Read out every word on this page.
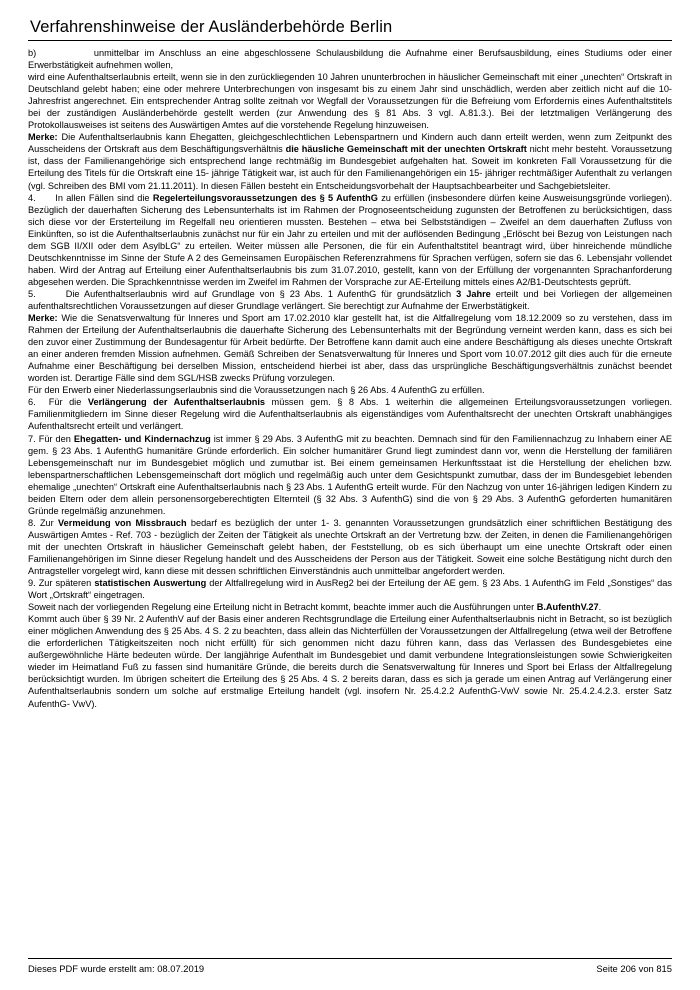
Verfahrenshinweise der Ausländerbehörde Berlin
b)           unmittelbar im Anschluss an eine abgeschlossene Schulausbildung die Aufnahme einer Berufsausbildung, eines Studiums oder einer Erwerbstätigkeit aufnehmen wollen,
wird eine Aufenthaltserlaubnis erteilt, wenn sie in den zurückliegenden 10 Jahren ununterbrochen in häuslicher Gemeinschaft mit einer „unechten“ Ortskraft in Deutschland gelebt haben; eine oder mehrere Unterbrechungen von insgesamt bis zu einem Jahr sind unschädlich, werden aber zeitlich nicht auf die 10- Jahresfrist angerechnet. Ein entsprechender Antrag sollte zeitnah vor Wegfall der Voraussetzungen für die Befreiung vom Erfordernis eines Aufenthaltstitels bei der zuständigen Ausländerbehörde gestellt werden (zur Anwendung des § 81 Abs. 3 vgl. A.81.3.). Bei der letztmaligen Verlängerung des Protokollausweises ist seitens des Auswärtigen Amtes auf die vorstehende Regelung hinzuweisen.
Merke: Die Aufenthaltserlaubnis kann Ehegatten, gleichgeschlechtlichen Lebenspartnern und Kindern auch dann erteilt werden, wenn zum Zeitpunkt des Ausscheidens der Ortskraft aus dem Beschäftigungsverhältnis die häusliche Gemeinschaft mit der unechten Ortskraft nicht mehr besteht. Voraussetzung ist, dass der Familienangehörige sich entsprechend lange rechtmäßig im Bundesgebiet aufgehalten hat. Soweit im konkreten Fall Voraussetzung für die Erteilung des Titels für die Ortskraft eine 15- jährige Tätigkeit war, ist auch für den Familienangehörigen ein 15- jähriger rechtmäßiger Aufenthalt zu verlangen (vgl. Schreiben des BMI vom 21.11.2011). In diesen Fällen besteht ein Entscheidungsvorbehalt der Hauptsachbearbeiter und Sachgebietsleiter.
4.      In allen Fällen sind die Regelerteilungsvoraussetzungen des § 5 AufenthG zu erfüllen (insbesondere dürfen keine Ausweisungsgründe vorliegen). Bezüglich der dauerhaften Sicherung des Lebensunterhalts ist im Rahmen der Prognoseentscheidung zugunsten der Betroffenen zu berücksichtigen, dass sich diese vor der Ersterteilung im Regelfall neu orientieren mussten. Bestehen – etwa bei Selbstständigen – Zweifel an dem dauerhaften Zufluss von Einkünften, so ist die Aufenthaltserlaubnis zunächst nur für ein Jahr zu erteilen und mit der auflösenden Bedingung „Erlöscht bei Bezug von Leistungen nach dem SGB II/XII oder dem AsylbLG“ zu erteilen. Weiter müssen alle Personen, die für ein Aufenthaltstitel beantragt wird, über hinreichende mündliche Deutschkenntnisse im Sinne der Stufe A 2 des Gemeinsamen Europäischen Referenzrahmens für Sprachen verfügen, sofern sie das 6. Lebensjahr vollendet haben. Wird der Antrag auf Erteilung einer Aufenthaltserlaubnis bis zum 31.07.2010, gestellt, kann von der Erfüllung der vorgenannten Sprachanforderung abgesehen werden. Die Sprachkenntnisse werden im Zweifel im Rahmen der Vorsprache zur AE-Erteilung mittels eines A2/B1-Deutschtests geprüft.
5.      Die Aufenthaltserlaubnis wird auf Grundlage von § 23 Abs. 1 AufenthG für grundsätzlich 3 Jahre erteilt und bei Vorliegen der allgemeinen aufenthaltsrechtlichen Voraussetzungen auf dieser Grundlage verlängert. Sie berechtigt zur Aufnahme der Erwerbstätigkeit.
Merke: Wie die Senatsverwaltung für Inneres und Sport am 17.02.2010 klar gestellt hat, ist die Altfallregelung vom 18.12.2009 so zu verstehen, dass im Rahmen der Erteilung der Aufenthaltserlaubnis die dauerhafte Sicherung des Lebensunterhalts mit der Begründung verneint werden kann, dass es sich bei den zuvor einer Zustimmung der Bundesagentur für Arbeit bedürfte. Der Betroffene kann damit auch eine andere Beschäftigung als dieses unechte Ortskraft an einer anderen fremden Mission aufnehmen. Gemäß Schreiben der Senatsverwaltung für Inneres und Sport vom 10.07.2012 gilt dies auch für die erneute Aufnahme einer Beschäftigung bei derselben Mission, entscheidend hierbei ist aber, dass das ursprüngliche Beschäftigungsverhältnis zunächst beendet worden ist. Derartige Fälle sind dem SGL/HSB zwecks Prüfung vorzulegen.
Für den Erwerb einer Niederlassungserlaubnis sind die Voraussetzungen nach § 26 Abs. 4 AufenthG zu erfüllen.
6.  Für die Verlängerung der Aufenthaltserlaubnis müssen gem. § 8 Abs. 1 weiterhin die allgemeinen Erteilungsvoraussetzungen vorliegen. Familienmitgliedern im Sinne dieser Regelung wird die Aufenthaltserlaubnis als eigenständiges vom Aufenthaltsrecht der unechten Ortskraft unabhängiges Aufenthaltsrecht erteilt und verlängert.
7. Für den Ehegatten- und Kindernachzug ist immer § 29 Abs. 3 AufenthG mit zu beachten. Demnach sind für den Familiennachzug zu Inhabern einer AE gem. § 23 Abs. 1 AufenthG humanitäre Gründe erforderlich. Ein solcher humanitärer Grund liegt zumindest dann vor, wenn die Herstellung der familiären Lebensgemeinschaft nur im Bundesgebiet möglich und zumutbar ist. Bei einem gemeinsamen Herkunftsstaat ist die Herstellung der ehelichen bzw. lebenspartnerschaftlichen Lebensgemeinschaft dort möglich und regelmäßig auch unter dem Gesichtspunkt zumutbar, dass der im Bundesgebiet lebenden ehemalige „unechten“ Ortskraft eine Aufenthaltserlaubnis nach § 23 Abs. 1 AufenthG erteilt wurde. Für den Nachzug von unter 16-jährigen ledigen Kindern zu beiden Eltern oder dem allein personensorgeberechtigten Elternteil (§ 32 Abs. 3 AufenthG) sind die von § 29 Abs. 3 AufenthG geforderten humanitären Gründe regelmäßig anzunehmen.
8. Zur Vermeidung von Missbrauch bedarf es bezüglich der unter 1- 3. genannten Voraussetzungen grundsätzlich einer schriftlichen Bestätigung des Auswärtigen Amtes - Ref. 703 - bezüglich der Zeiten der Tätigkeit als unechte Ortskraft an der Vertretung bzw. der Zeiten, in denen die Familienangehörigen mit der unechten Ortskraft in häuslicher Gemeinschaft gelebt haben, der Feststellung, ob es sich überhaupt um eine unechte Ortskraft oder einen Familienangehörigen im Sinne dieser Regelung handelt und des Ausscheidens der Person aus der Tätigkeit. Soweit eine solche Bestätigung nicht durch den Antragsteller vorgelegt wird, kann diese mit dessen schriftlichen Einverständnis auch unmittelbar angefordert werden.
9. Zur späteren statistischen Auswertung der Altfallregelung wird in AusReg2 bei der Erteilung der AE gem. § 23 Abs. 1 AufenthG im Feld „Sonstiges“ das Wort „Ortskraft“ eingetragen.
Soweit nach der vorliegenden Regelung eine Erteilung nicht in Betracht kommt, beachte immer auch die Ausführungen unter B.AufenthV.27.
Kommt auch über § 39 Nr. 2 AufenthV auf der Basis einer anderen Rechtsgrundlage die Erteilung einer Aufenthaltserlaubnis nicht in Betracht, so ist bezüglich einer möglichen Anwendung des § 25 Abs. 4 S. 2 zu beachten, dass allein das Nichterfüllen der Voraussetzungen der Altfallregelung (etwa weil der Betroffene die erforderlichen Tätigkeitszeiten noch nicht erfüllt) für sich genommen nicht dazu führen kann, dass das Verlassen des Bundesgebietes eine außergewöhnliche Härte bedeuten würde. Der langjährige Aufenthalt im Bundesgebiet und damit verbundene Integrationsleistungen sowie Schwierigkeiten wieder im Heimatland Fuß zu fassen sind humanitäre Gründe, die bereits durch die Senatsverwaltung für Inneres und Sport bei Erlass der Altfallregelung berücksichtigt wurden. Im übrigen scheitert die Erteilung des § 25 Abs. 4 S. 2 bereits daran, dass es sich ja gerade um einen Antrag auf Verlängerung einer Aufenthaltserlaubnis sondern um solche auf erstmalige Erteilung handelt (vgl. insofern Nr. 25.4.2.2 AufenthG-VwV sowie Nr. 25.4.2.4.2.3. erster Satz AufenthG- VwV).
Dieses PDF wurde erstellt am: 08.07.2019	Seite 206 von 815
